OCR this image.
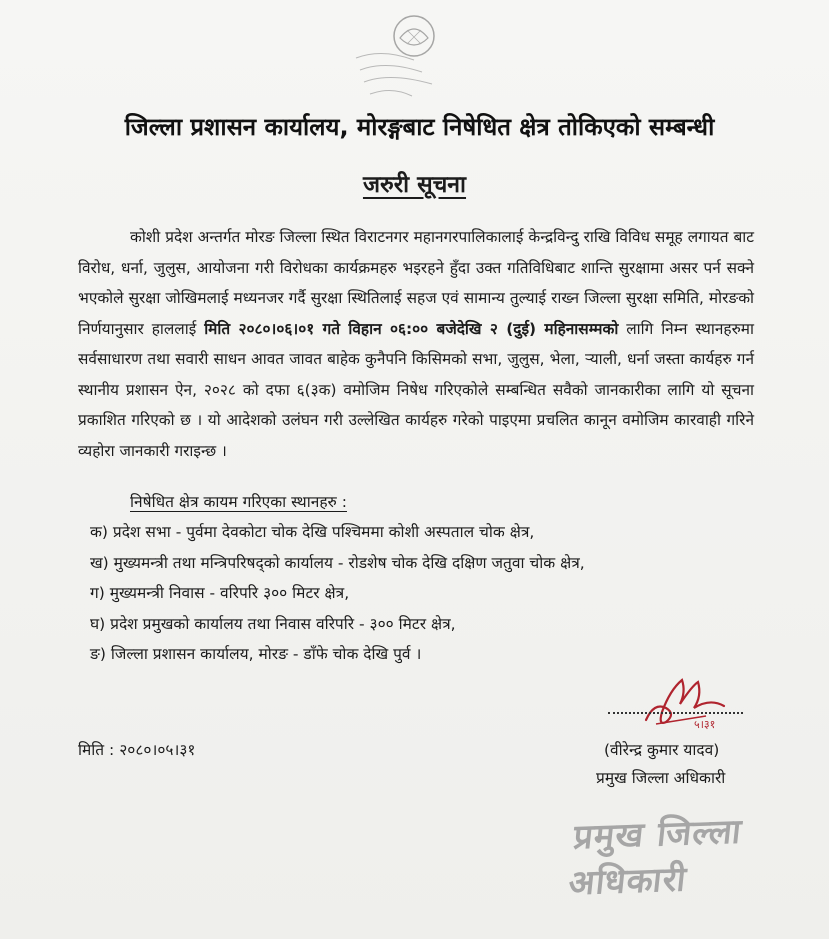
जिल्ला प्रशासन कार्यालय, मोरङ्गबाट निषेधित क्षेत्र तोकिएको सम्बन्धी
जरुरी सूचना
कोशी प्रदेश अन्तर्गत मोरङ जिल्ला स्थित विराटनगर महानगरपालिकालाई केन्द्रविन्दु राखि विविध समूह लगायत बाट विरोध, धर्ना, जुलुस, आयोजना गरी विरोधका कार्यक्रमहरु भइरहने हुँदा उक्त गतिविधिबाट शान्ति सुरक्षामा असर पर्न सक्ने भएकोले सुरक्षा जोखिमलाई मध्यनजर गर्दै सुरक्षा स्थितिलाई सहज एवं सामान्य तुल्याई राख्न जिल्ला सुरक्षा समिति, मोरङको निर्णयानुसार हाललाई मिति २०८०।०६।०१ गते विहान ०६:०० बजेदेखि २ (दुई) महिनासम्मको लागि निम्न स्थानहरुमा सर्वसाधारण तथा सवारी साधन आवत जावत बाहेक कुनैपनि किसिमको सभा, जुलुस, भेला, र्‍याली, धर्ना जस्ता कार्यहरु गर्न स्थानीय प्रशासन ऐन, २०२८ को दफा ६(३क) वमोजिम निषेध गरिएकोले सम्बन्धित सवैको जानकारीका लागि यो सूचना प्रकाशित गरिएको छ । यो आदेशको उलंघन गरी उल्लेखित कार्यहरु गरेको पाइएमा प्रचलित कानून वमोजिम कारवाही गरिने व्यहोरा जानकारी गराइन्छ ।
निषेधित क्षेत्र कायम गरिएका स्थानहरु :
क) प्रदेश सभा - पुर्वमा देवकोटा चोक देखि पश्चिममा कोशी अस्पताल चोक क्षेत्र,
ख) मुख्यमन्त्री तथा मन्त्रिपरिषद्को कार्यालय - रोडशेष चोक देखि दक्षिण जतुवा चोक क्षेत्र,
ग) मुख्यमन्त्री निवास - वरिपरि ३०० मिटर क्षेत्र,
घ) प्रदेश प्रमुखको कार्यालय तथा निवास वरिपरि - ३०० मिटर क्षेत्र,
ङ) जिल्ला प्रशासन कार्यालय, मोरङ - डाँफे चोक देखि पुर्व ।
५।३१
मिति : २०८०।०५।३१	(वीरेन्द्र कुमार यादव)
प्रमुख जिल्ला अधिकारी
प्रमुख जिल्ला अधिकारी
